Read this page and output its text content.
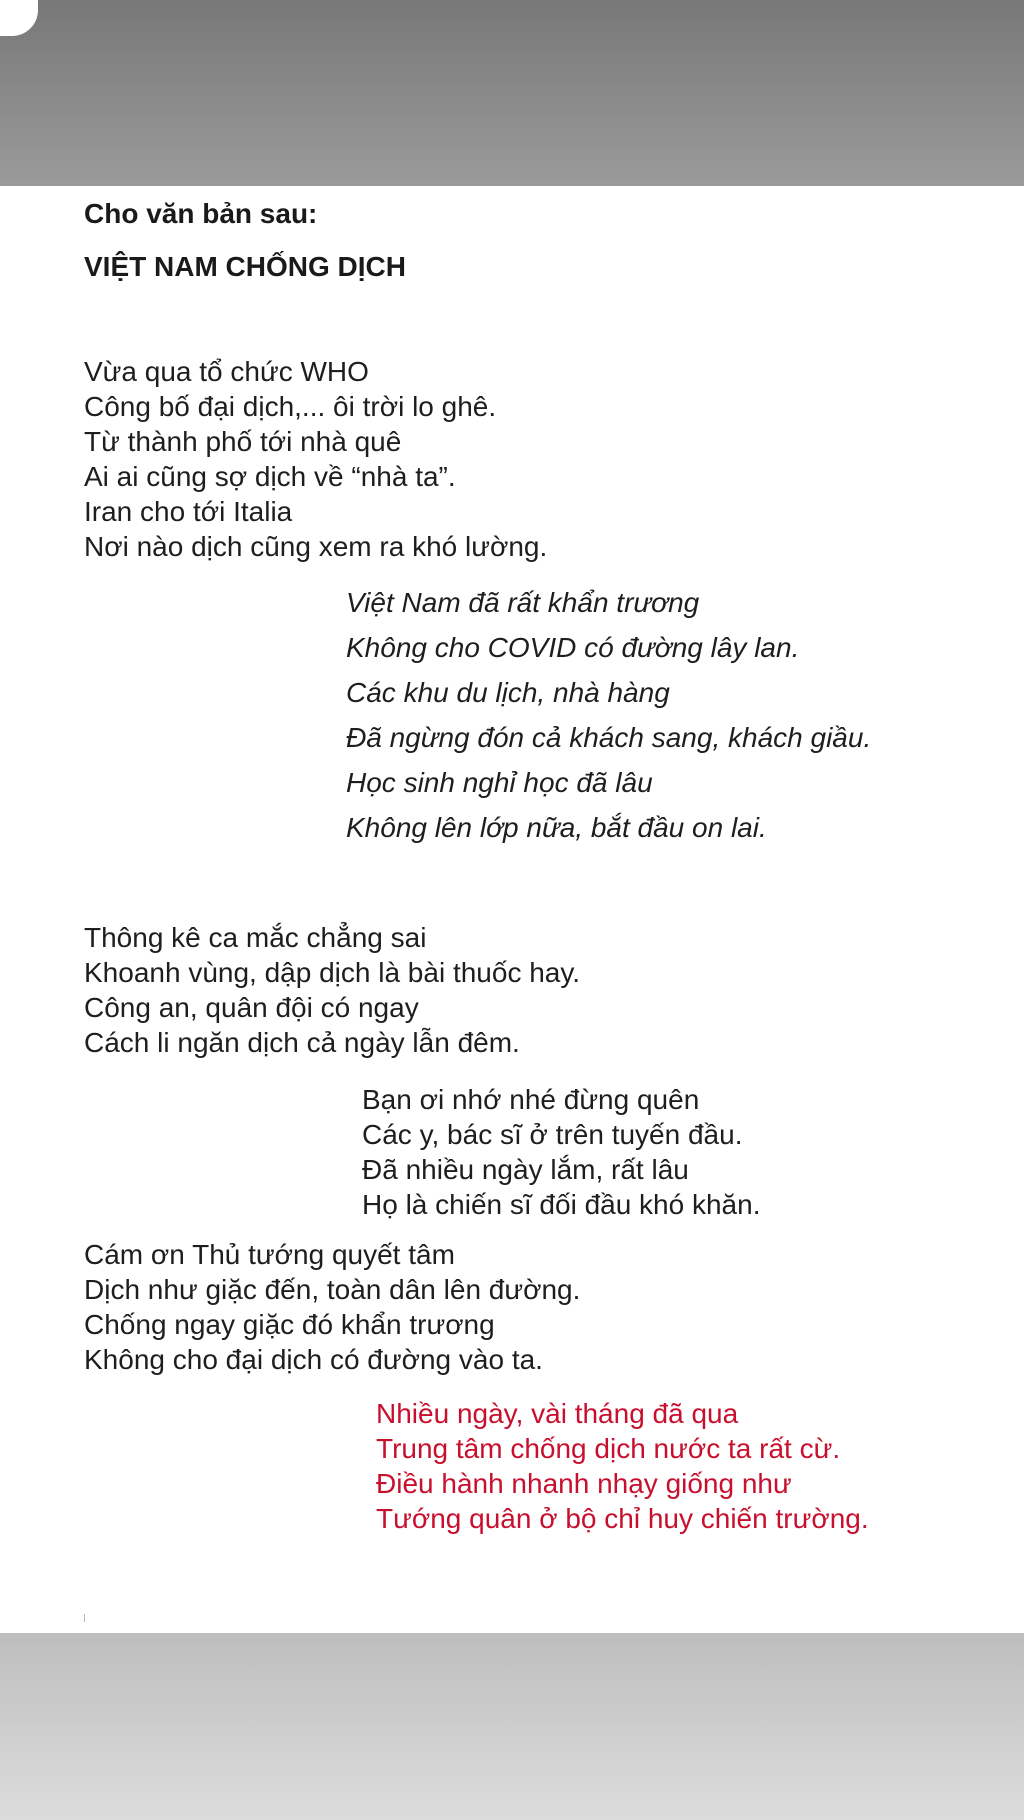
Cho văn bản sau:
VIỆT NAM CHỐNG DỊCH
Vừa qua tổ chức WHO
Công bố đại dịch,... ôi trời lo ghê.
Từ thành phố tới nhà quê
Ai ai cũng sợ dịch về “nhà ta”.
Iran cho tới Italia
Nơi nào dịch cũng xem ra khó lường.
Việt Nam đã rất khẩn trương
Không cho COVID có đường lây lan.
Các khu du lịch, nhà hàng
Đã ngừng đón cả khách sang, khách giầu.
Học sinh nghỉ học đã lâu
Không lên lớp nữa, bắt đầu on lai.
Thông kê ca mắc chẳng sai
Khoanh vùng, dập dịch là bài thuốc hay.
Công an, quân đội có ngay
Cách li ngăn dịch cả ngày lẫn đêm.
Bạn ơi nhớ nhé đừng quên
Các y, bác sĩ ở trên tuyến đầu.
Đã nhiều ngày lắm, rất lâu
Họ là chiến sĩ đối đầu khó khăn.
Cám ơn Thủ tướng quyết tâm
Dịch như giặc đến, toàn dân lên đường.
Chống ngay giặc đó khẩn trương
Không cho đại dịch có đường vào ta.
Nhiều ngày, vài tháng đã qua
Trung tâm chống dịch nước ta rất cừ.
Điều hành nhanh nhạy giống như
Tướng quân ở bộ chỉ huy chiến trường.
